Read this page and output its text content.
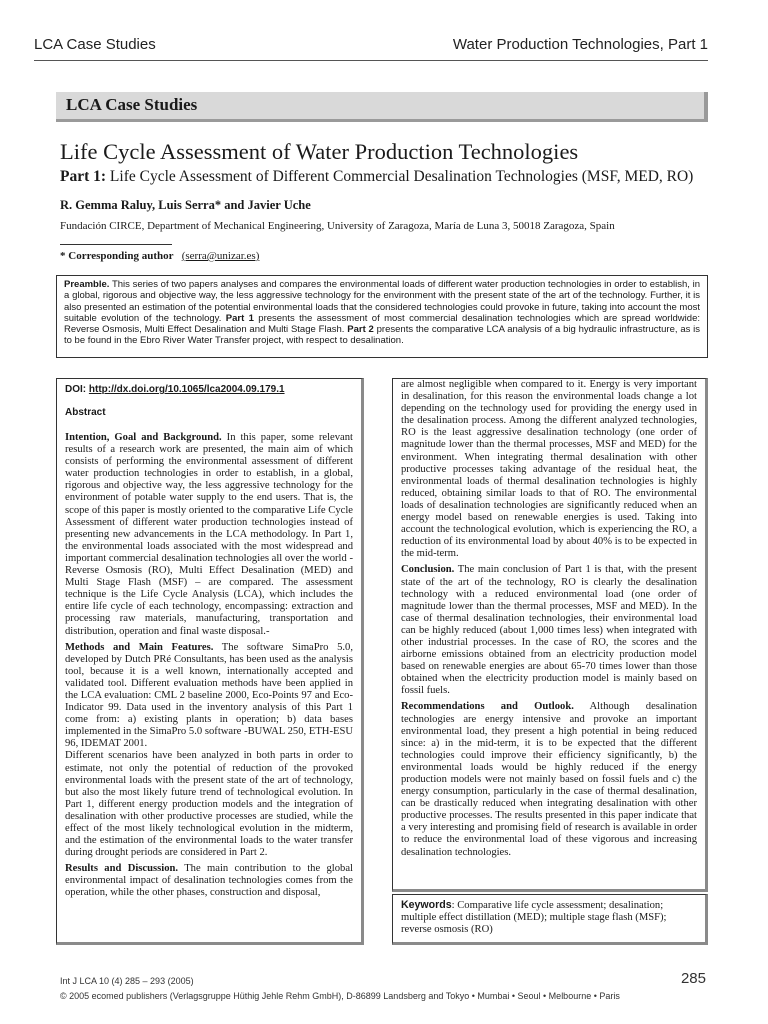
LCA Case Studies	Water Production Technologies, Part 1
LCA Case Studies
Life Cycle Assessment of Water Production Technologies
Part 1: Life Cycle Assessment of Different Commercial Desalination Technologies (MSF, MED, RO)
R. Gemma Raluy, Luis Serra* and Javier Uche
Fundación CIRCE, Department of Mechanical Engineering, University of Zaragoza, María de Luna 3, 50018 Zaragoza, Spain
* Corresponding author (serra@unizar.es)
Preamble. This series of two papers analyses and compares the environmental loads of different water production technologies in order to establish, in a global, rigorous and objective way, the less aggressive technology for the environment with the present state of the art of the technology. Further, it is also presented an estimation of the potential environmental loads that the considered technologies could provoke in future, taking into account the most suitable evolution of the technology. Part 1 presents the assessment of most commercial desalination technologies which are spread worldwide: Reverse Osmosis, Multi Effect Desalination and Multi Stage Flash. Part 2 presents the comparative LCA analysis of a big hydraulic infrastructure, as is to be found in the Ebro River Water Transfer project, with respect to desalination.
DOI: http://dx.doi.org/10.1065/lca2004.09.179.1
Abstract

Intention, Goal and Background. In this paper, some relevant results of a research work are presented, the main aim of which consists of performing the environmental assessment of different water production technologies in order to establish, in a global, rigorous and objective way, the less aggressive technology for the environment of potable water supply to the end users. That is, the scope of this paper is mostly oriented to the comparative Life Cycle Assessment of different water production technologies instead of presenting new advancements in the LCA methodology. In Part 1, the environmental loads associated with the most widespread and important commercial desalination technologies all over the world - Reverse Osmosis (RO), Multi Effect Desalination (MED) and Multi Stage Flash (MSF) – are compared. The assessment technique is the Life Cycle Analysis (LCA), which includes the entire life cycle of each technology, encompassing: extraction and processing raw materials, manufacturing, transportation and distribution, operation and final waste disposal.-

Methods and Main Features. The software SimaPro 5.0, developed by Dutch PRé Consultants, has been used as the analysis tool, because it is a well known, internationally accepted and validated tool. Different evaluation methods have been applied in the LCA evaluation: CML 2 baseline 2000, Eco-Points 97 and Eco-Indicator 99. Data used in the inventory analysis of this Part 1 come from: a) existing plants in operation; b) data bases implemented in the SimaPro 5.0 software -BUWAL 250, ETH-ESU 96, IDEMAT 2001.

Different scenarios have been analyzed in both parts in order to estimate, not only the potential of reduction of the provoked environmental loads with the present state of the art of technology, but also the most likely future trend of technological evolution. In Part 1, different energy production models and the integration of desalination with other productive processes are studied, while the effect of the most likely technological evolution in the midterm, and the estimation of the environmental loads to the water transfer during drought periods are considered in Part 2.

Results and Discussion. The main contribution to the global environmental impact of desalination technologies comes from the operation, while the other phases, construction and disposal,

are almost negligible when compared to it. Energy is very important in desalination, for this reason the environmental loads change a lot depending on the technology used for providing the energy used in the desalination process. Among the different analyzed technologies, RO is the least aggressive desalination technology (one order of magnitude lower than the thermal processes, MSF and MED) for the environment. When integrating thermal desalination with other productive processes taking advantage of the residual heat, the environmental loads of thermal desalination technologies is highly reduced, obtaining similar loads to that of RO. The environmental loads of desalination technologies are significantly reduced when an energy model based on renewable energies is used. Taking into account the technological evolution, which is experiencing the RO, a reduction of its environmental load by about 40% is to be expected in the mid-term.

Conclusion. The main conclusion of Part 1 is that, with the present state of the art of the technology, RO is clearly the desalination technology with a reduced environmental load (one order of magnitude lower than the thermal processes, MSF and MED). In the case of thermal desalination technologies, their environmental load can be highly reduced (about 1,000 times less) when integrated with other industrial processes. In the case of RO, the scores and the airborne emissions obtained from an electricity production model based on renewable energies are about 65-70 times lower than those obtained when the electricity production model is mainly based on fossil fuels.

Recommendations and Outlook. Although desalination technologies are energy intensive and provoke an important environmental load, they present a high potential in being reduced since: a) in the mid-term, it is to be expected that the different technologies could improve their efficiency significantly, b) the environmental loads would be highly reduced if the energy production models were not mainly based on fossil fuels and c) the energy consumption, particularly in the case of thermal desalination, can be drastically reduced when integrating desalination with other productive processes. The results presented in this paper indicate that a very interesting and promising field of research is available in order to reduce the environmental load of these vigorous and increasing desalination technologies.

Keywords: Comparative life cycle assessment; desalination; multiple effect distillation (MED); multiple stage flash (MSF); reverse osmosis (RO)
Int J LCA 10 (4) 285 – 293 (2005)
© 2005 ecomed publishers (Verlagsgruppe Hüthig Jehle Rehm GmbH), D-86899 Landsberg and Tokyo • Mumbai • Seoul • Melbourne • Paris
285
